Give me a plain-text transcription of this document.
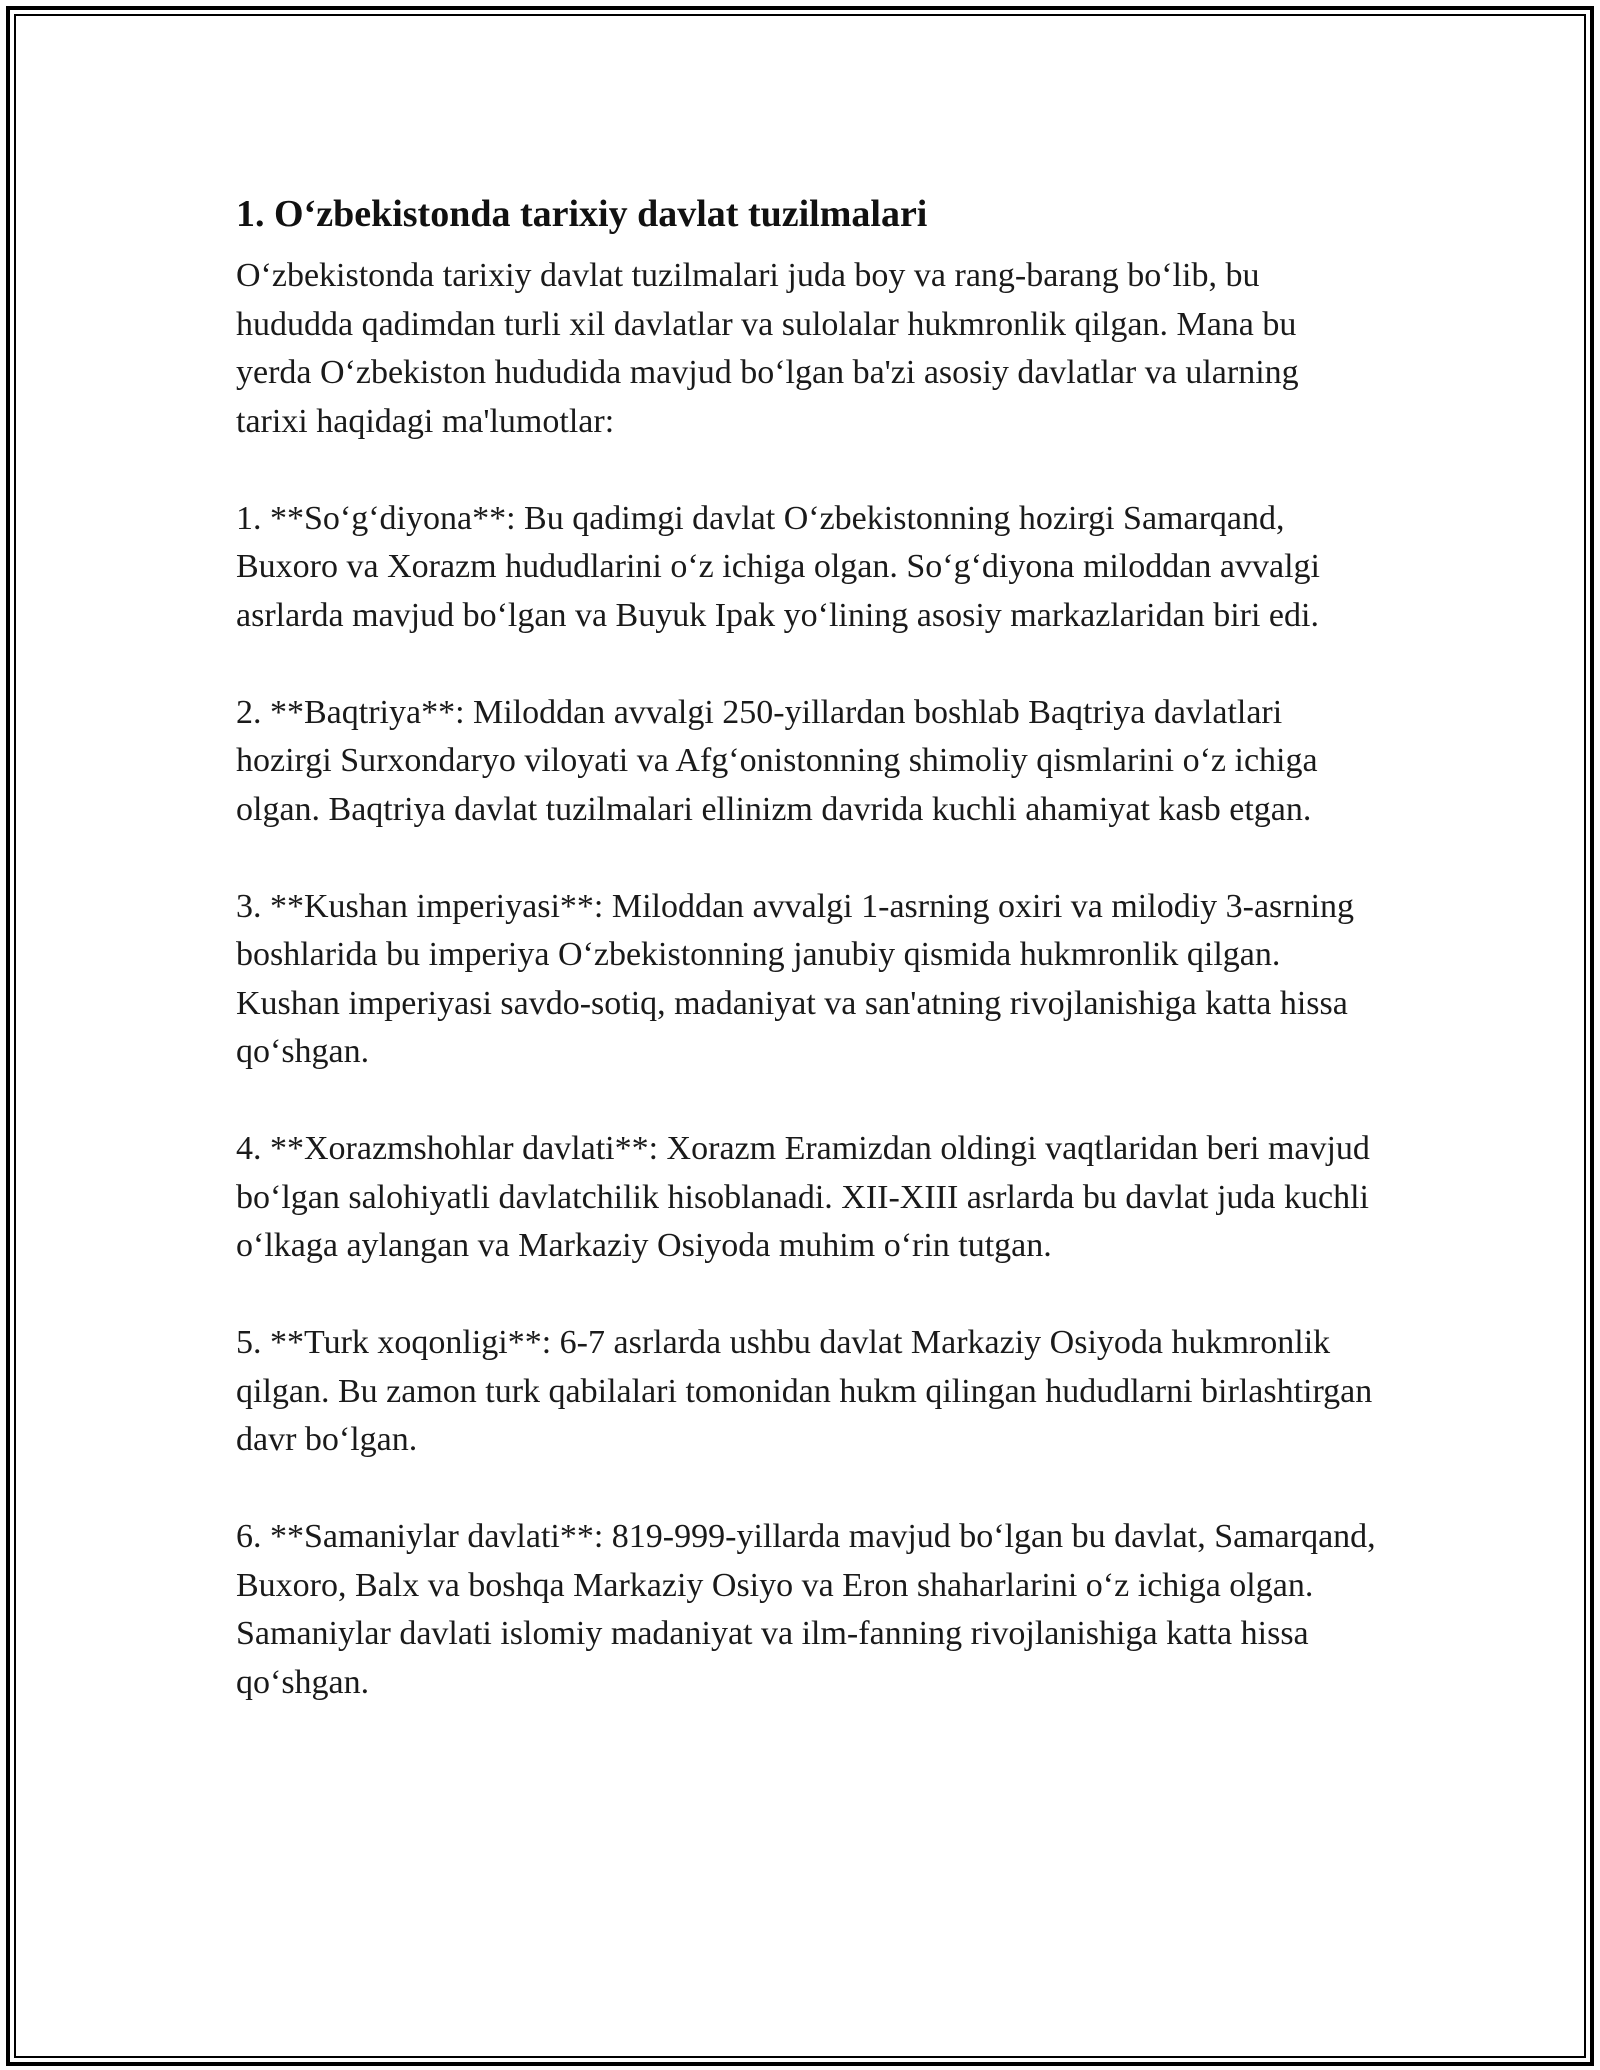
1. O‘zbekistonda tarixiy davlat tuzilmalari

O‘zbekistonda tarixiy davlat tuzilmalari juda boy va rang-barang bo‘lib, bu hududda qadimdan turli xil davlatlar va sulolalar hukmronlik qilgan. Mana bu yerda O‘zbekiston hududida mavjud bo‘lgan ba'zi asosiy davlatlar va ularning tarixi haqidagi ma'lumotlar:

1. **So‘g‘diyona**: Bu qadimgi davlat O‘zbekistonning hozirgi Samarqand, Buxoro va Xorazm hududlarini o‘z ichiga olgan. So‘g‘diyona miloddan avvalgi asrlarda mavjud bo‘lgan va Buyuk Ipak yo‘lining asosiy markazlaridan biri edi.

2. **Baqtriya**: Miloddan avvalgi 250-yillardan boshlab Baqtriya davlatlari hozirgi Surxondaryo viloyati va Afg‘onistonning shimoliy qismlarini o‘z ichiga olgan. Baqtriya davlat tuzilmalari ellinizm davrida kuchli ahamiyat kasb etgan.

3. **Kushan imperiyasi**: Miloddan avvalgi 1-asrning oxiri va milodiy 3-asrning boshlarida bu imperiya O‘zbekistonning janubiy qismida hukmronlik qilgan. Kushan imperiyasi savdo-sotiq, madaniyat va san'atning rivojlanishiga katta hissa qo‘shgan.

4. **Xorazmshohlar davlati**: Xorazm Eramizdan oldingi vaqtlaridan beri mavjud bo‘lgan salohiyatli davlatchilik hisoblanadi. XII-XIII asrlarda bu davlat juda kuchli o‘lkaga aylangan va Markaziy Osiyoda muhim o‘rin tutgan.

5. **Turk xoqonligi**: 6-7 asrlarda ushbu davlat Markaziy Osiyoda hukmronlik qilgan. Bu zamon turk qabilalari tomonidan hukm qilingan hududlarni birlashtirgan davr bo‘lgan.

6. **Samaniylar davlati**: 819-999-yillarda mavjud bo‘lgan bu davlat, Samarqand, Buxoro, Balx va boshqa Markaziy Osiyo va Eron shaharlarini o‘z ichiga olgan. Samaniylar davlati islomiy madaniyat va ilm-fanning rivojlanishiga katta hissa qo‘shgan.
